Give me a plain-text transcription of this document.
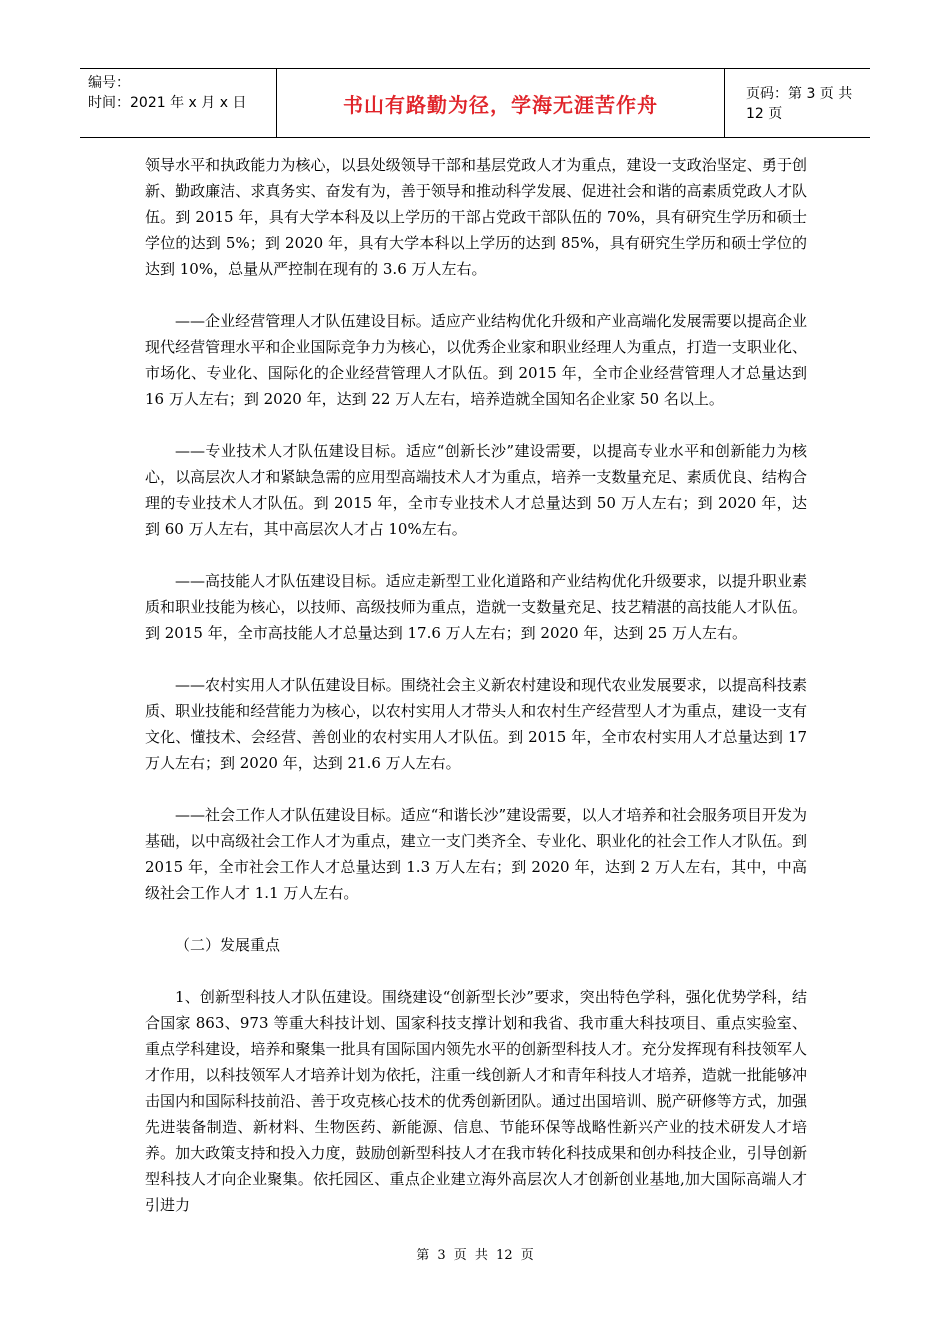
编号：
时间：2021 年 x 月 x 日	书山有路勤为径，学海无涯苦作舟	页码：第 3 页 共 12 页

领导水平和执政能力为核心，以县处级领导干部和基层党政人才为重点，建设一支政治坚定、勇于创新、勤政廉洁、求真务实、奋发有为，善于领导和推动科学发展、促进社会和谐的高素质党政人才队伍。到 2015 年，具有大学本科及以上学历的干部占党政干部队伍的 70%，具有研究生学历和硕士学位的达到 5%；到 2020 年，具有大学本科以上学历的达到 85%，具有研究生学历和硕士学位的达到 10%，总量从严控制在现有的 3.6 万人左右。

——企业经营管理人才队伍建设目标。适应产业结构优化升级和产业高端化发展需要以提高企业现代经营管理水平和企业国际竞争力为核心，以优秀企业家和职业经理人为重点，打造一支职业化、市场化、专业化、国际化的企业经营管理人才队伍。到 2015 年，全市企业经营管理人才总量达到 16 万人左右；到 2020 年，达到 22 万人左右，培养造就全国知名企业家 50 名以上。

——专业技术人才队伍建设目标。适应“创新长沙”建设需要，以提高专业水平和创新能力为核心，以高层次人才和紧缺急需的应用型高端技术人才为重点，培养一支数量充足、素质优良、结构合理的专业技术人才队伍。到 2015 年，全市专业技术人才总量达到 50 万人左右；到 2020 年，达到 60 万人左右，其中高层次人才占 10%左右。

——高技能人才队伍建设目标。适应走新型工业化道路和产业结构优化升级要求，以提升职业素质和职业技能为核心，以技师、高级技师为重点，造就一支数量充足、技艺精湛的高技能人才队伍。到 2015 年，全市高技能人才总量达到 17.6 万人左右；到 2020 年，达到 25 万人左右。

——农村实用人才队伍建设目标。围绕社会主义新农村建设和现代农业发展要求，以提高科技素质、职业技能和经营能力为核心，以农村实用人才带头人和农村生产经营型人才为重点，建设一支有文化、懂技术、会经营、善创业的农村实用人才队伍。到 2015 年，全市农村实用人才总量达到 17 万人左右；到 2020 年，达到 21.6 万人左右。

——社会工作人才队伍建设目标。适应“和谐长沙”建设需要，以人才培养和社会服务项目开发为基础，以中高级社会工作人才为重点，建立一支门类齐全、专业化、职业化的社会工作人才队伍。到 2015 年，全市社会工作人才总量达到 1.3 万人左右；到 2020 年，达到 2 万人左右，其中，中高级社会工作人才 1.1 万人左右。

（二）发展重点

1、创新型科技人才队伍建设。围绕建设“创新型长沙”要求，突出特色学科，强化优势学科，结合国家 863、973 等重大科技计划、国家科技支撑计划和我省、我市重大科技项目、重点实验室、重点学科建设，培养和聚集一批具有国际国内领先水平的创新型科技人才。充分发挥现有科技领军人才作用，以科技领军人才培养计划为依托，注重一线创新人才和青年科技人才培养，造就一批能够冲击国内和国际科技前沿、善于攻克核心技术的优秀创新团队。通过出国培训、脱产研修等方式，加强先进装备制造、新材料、生物医药、新能源、信息、节能环保等战略性新兴产业的技术研发人才培养。加大政策支持和投入力度，鼓励创新型科技人才在我市转化科技成果和创办科技企业，引导创新型科技人才向企业聚集。依托园区、重点企业建立海外高层次人才创新创业基地,加大国际高端人才引进力

第 3 页 共 12 页
